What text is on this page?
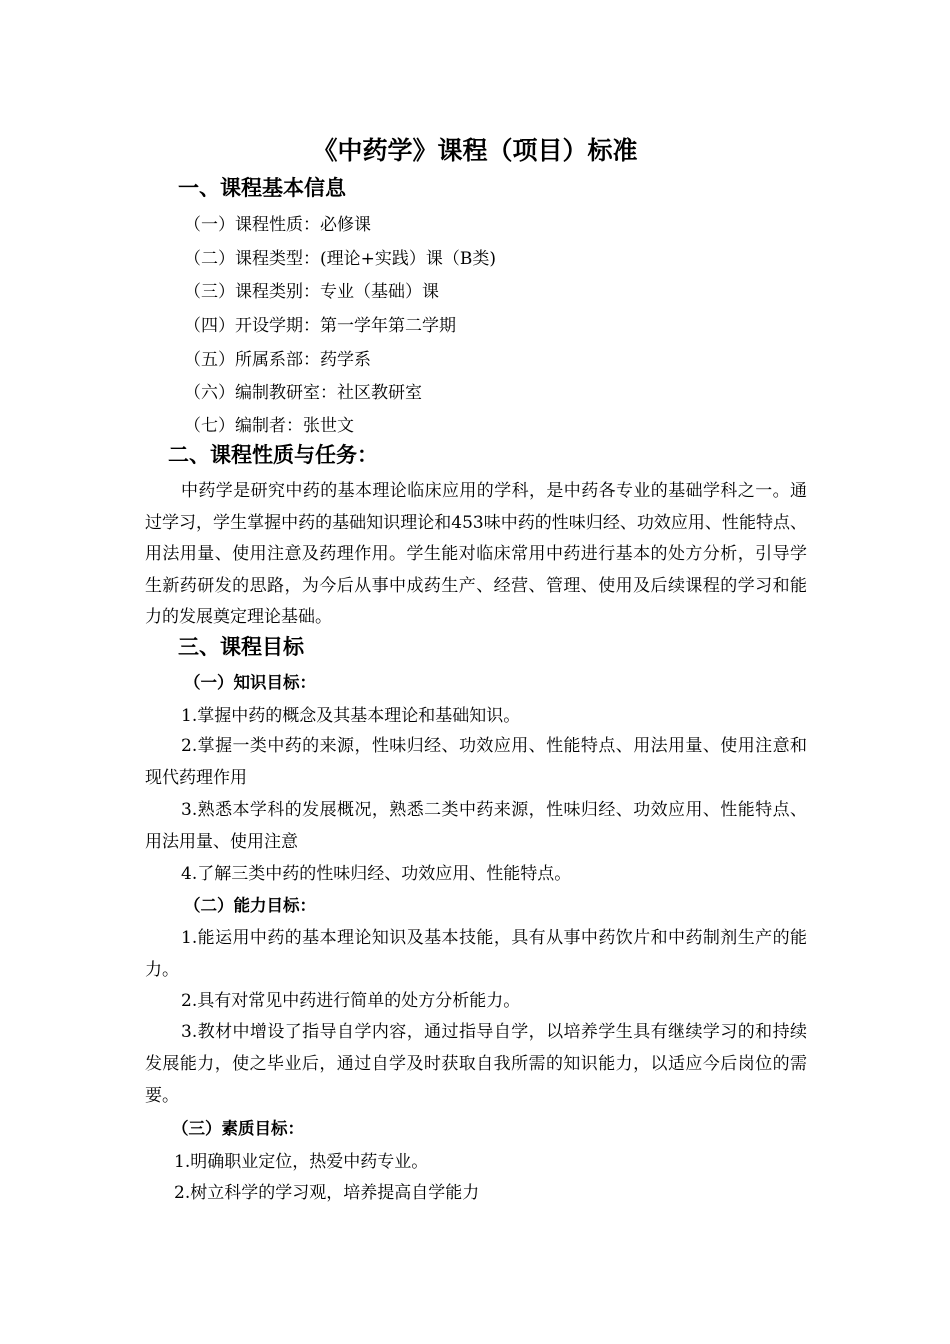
《中药学》课程（项目）标准
一、课程基本信息
（一）课程性质：必修课
（二）课程类型：(理论+实践）课（B类)
（三）课程类别：专业（基础）课
（四）开设学期：第一学年第二学期
（五）所属系部：药学系
（六）编制教研室：社区教研室
（七）编制者：张世文
二、课程性质与任务：
中药学是研究中药的基本理论临床应用的学科，是中药各专业的基础学科之一。通过学习，学生掌握中药的基础知识理论和453味中药的性味归经、功效应用、性能特点、用法用量、使用注意及药理作用。学生能对临床常用中药进行基本的处方分析，引导学生新药研发的思路，为今后从事中成药生产、经营、管理、使用及后续课程的学习和能力的发展奠定理论基础。
三、课程目标
（一）知识目标：
1.掌握中药的概念及其基本理论和基础知识。
2.掌握一类中药的来源，性味归经、功效应用、性能特点、用法用量、使用注意和现代药理作用
3.熟悉本学科的发展概况，熟悉二类中药来源，性味归经、功效应用、性能特点、用法用量、使用注意
4.了解三类中药的性味归经、功效应用、性能特点。
（二）能力目标：
1.能运用中药的基本理论知识及基本技能，具有从事中药饮片和中药制剂生产的能力。
2.具有对常见中药进行简单的处方分析能力。
3.教材中增设了指导自学内容，通过指导自学，以培养学生具有继续学习的和持续发展能力，使之毕业后，通过自学及时获取自我所需的知识能力，以适应今后岗位的需要。
（三）素质目标：
1.明确职业定位，热爱中药专业。
2.树立科学的学习观，培养提高自学能力
